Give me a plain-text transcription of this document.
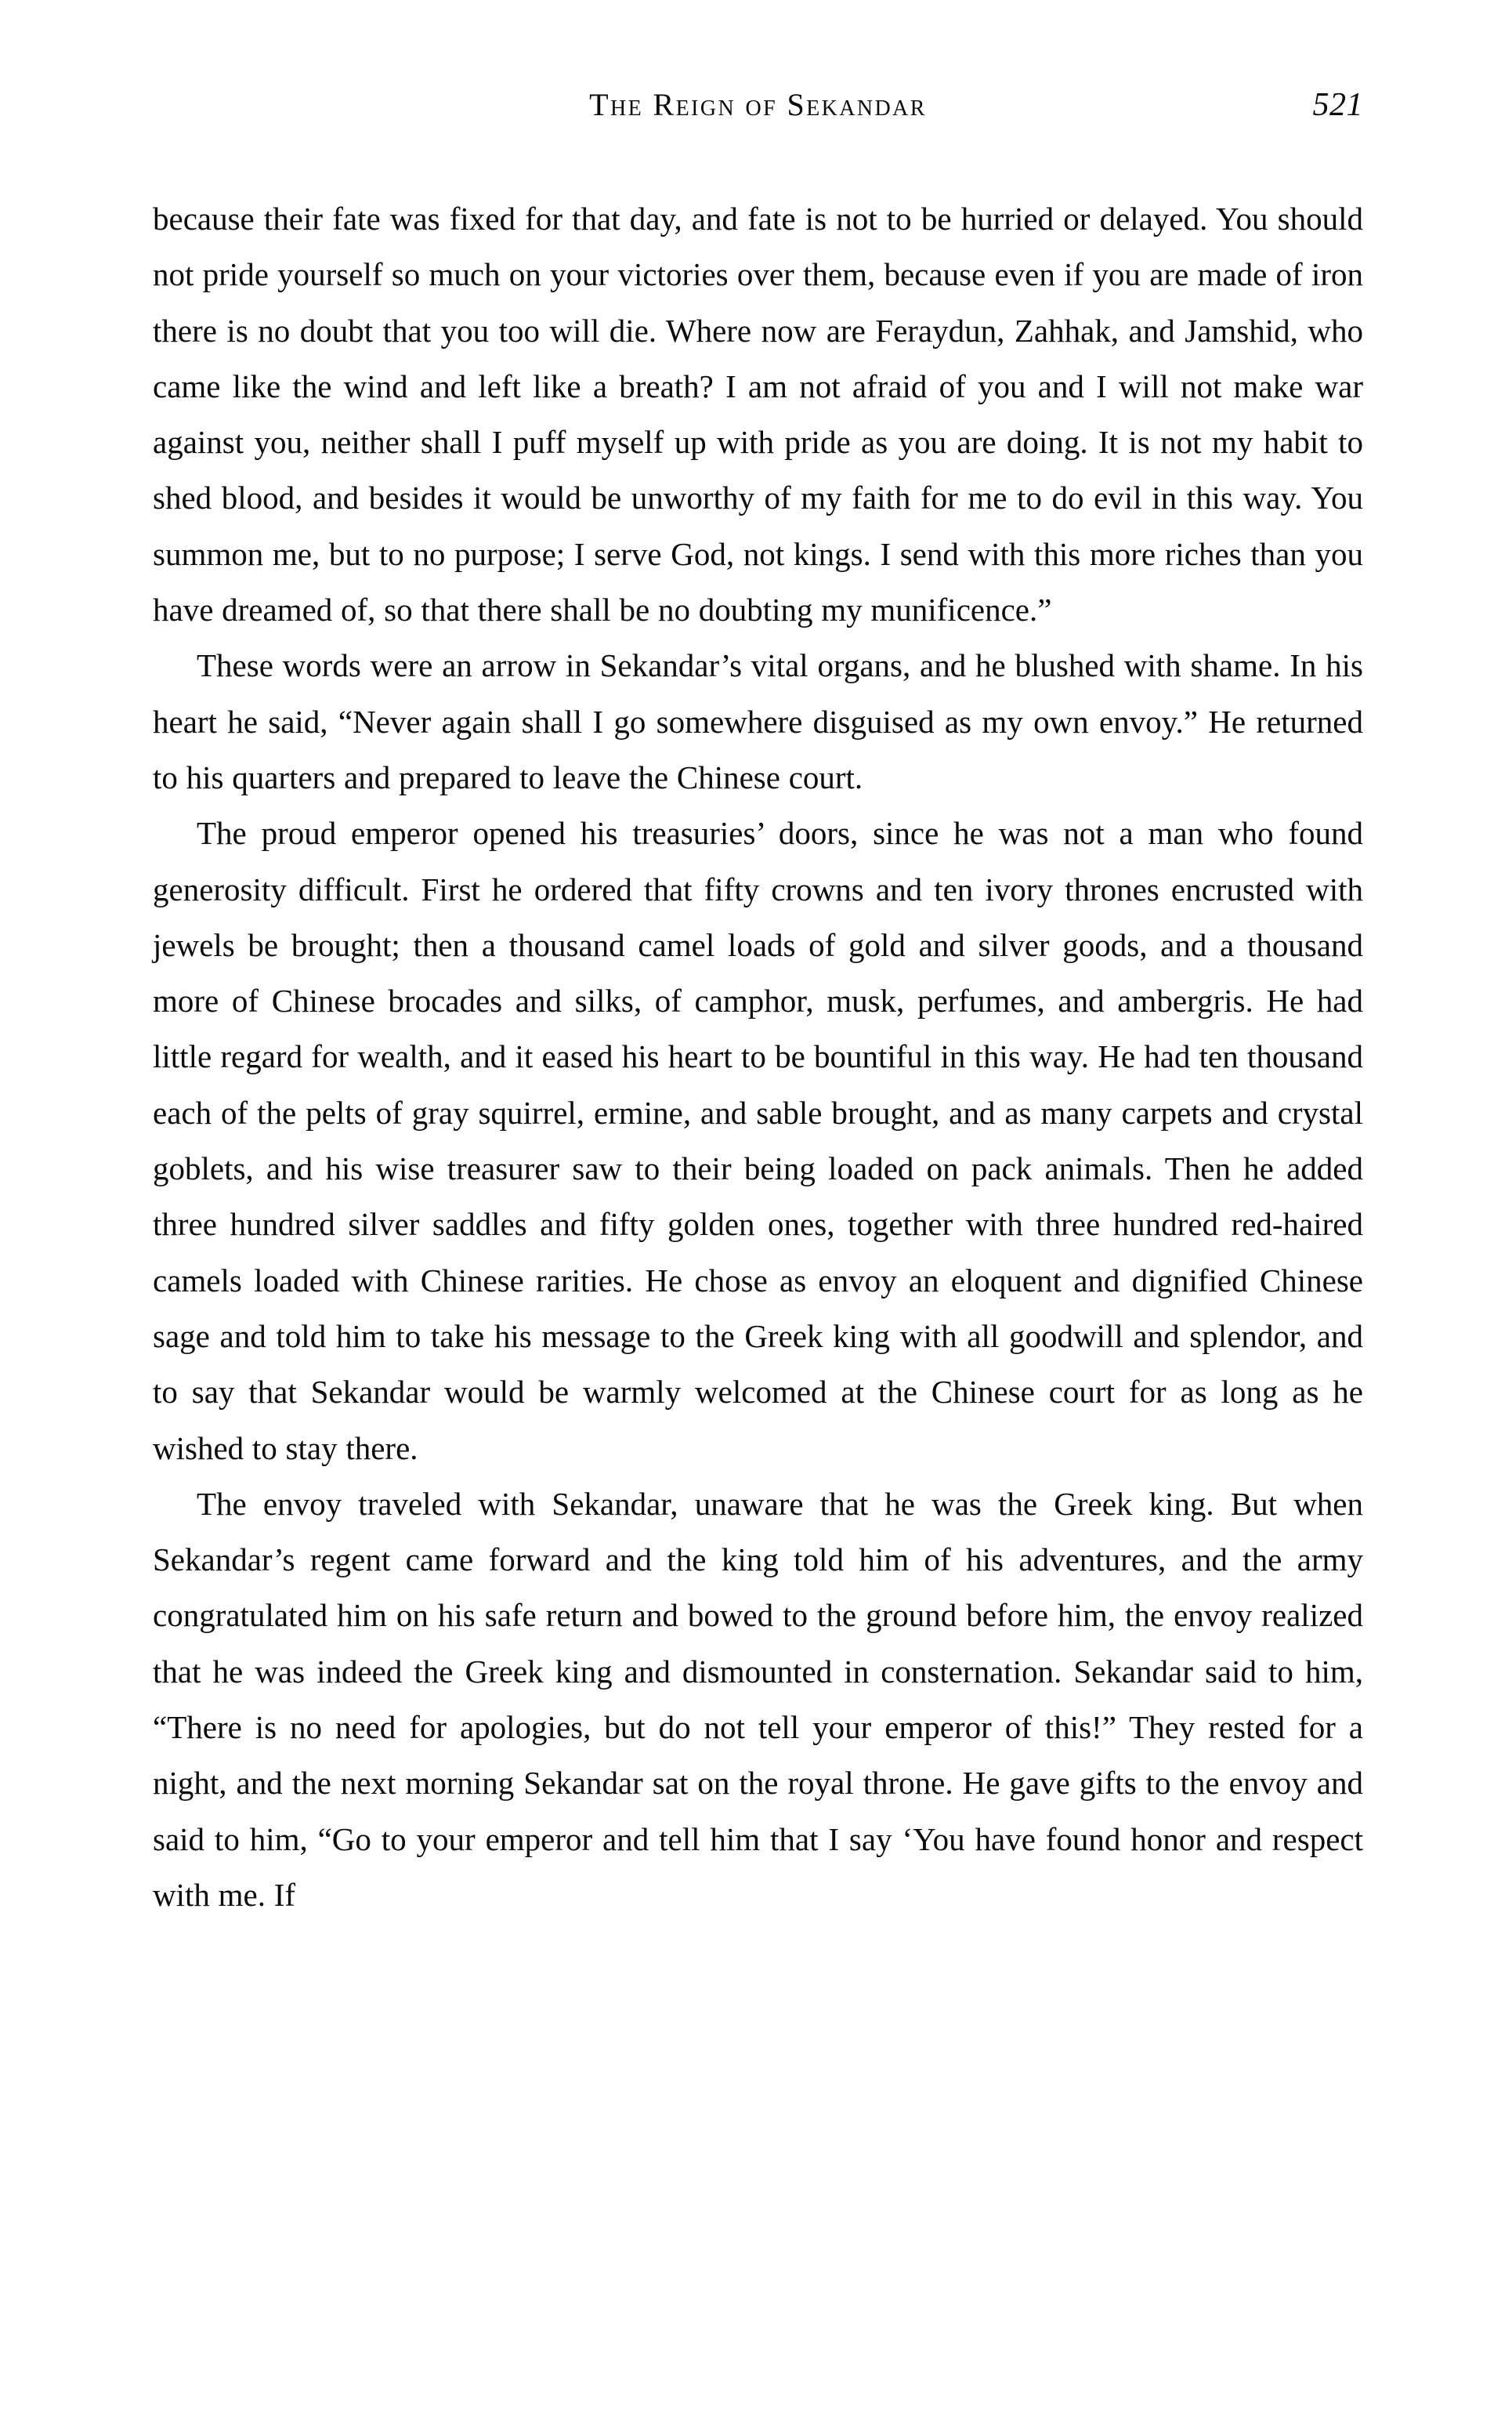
The Reign of Sekandar	521

because their fate was fixed for that day, and fate is not to be hurried or delayed. You should not pride yourself so much on your victories over them, because even if you are made of iron there is no doubt that you too will die. Where now are Feraydun, Zahhak, and Jamshid, who came like the wind and left like a breath? I am not afraid of you and I will not make war against you, neither shall I puff myself up with pride as you are doing. It is not my habit to shed blood, and besides it would be unworthy of my faith for me to do evil in this way. You summon me, but to no purpose; I serve God, not kings. I send with this more riches than you have dreamed of, so that there shall be no doubting my munificence.”

These words were an arrow in Sekandar’s vital organs, and he blushed with shame. In his heart he said, “Never again shall I go somewhere disguised as my own envoy.” He returned to his quarters and prepared to leave the Chinese court.

The proud emperor opened his treasuries’ doors, since he was not a man who found generosity difficult. First he ordered that fifty crowns and ten ivory thrones encrusted with jewels be brought; then a thousand camel loads of gold and silver goods, and a thousand more of Chinese brocades and silks, of camphor, musk, perfumes, and ambergris. He had little regard for wealth, and it eased his heart to be bountiful in this way. He had ten thousand each of the pelts of gray squirrel, ermine, and sable brought, and as many carpets and crystal goblets, and his wise treasurer saw to their being loaded on pack animals. Then he added three hundred silver saddles and fifty golden ones, together with three hundred red-haired camels loaded with Chinese rarities. He chose as envoy an eloquent and dignified Chinese sage and told him to take his message to the Greek king with all goodwill and splendor, and to say that Sekandar would be warmly welcomed at the Chinese court for as long as he wished to stay there.

The envoy traveled with Sekandar, unaware that he was the Greek king. But when Sekandar’s regent came forward and the king told him of his adventures, and the army congratulated him on his safe return and bowed to the ground before him, the envoy realized that he was indeed the Greek king and dismounted in consternation. Sekandar said to him, “There is no need for apologies, but do not tell your emperor of this!” They rested for a night, and the next morning Sekandar sat on the royal throne. He gave gifts to the envoy and said to him, “Go to your emperor and tell him that I say ‘You have found honor and respect with me. If
